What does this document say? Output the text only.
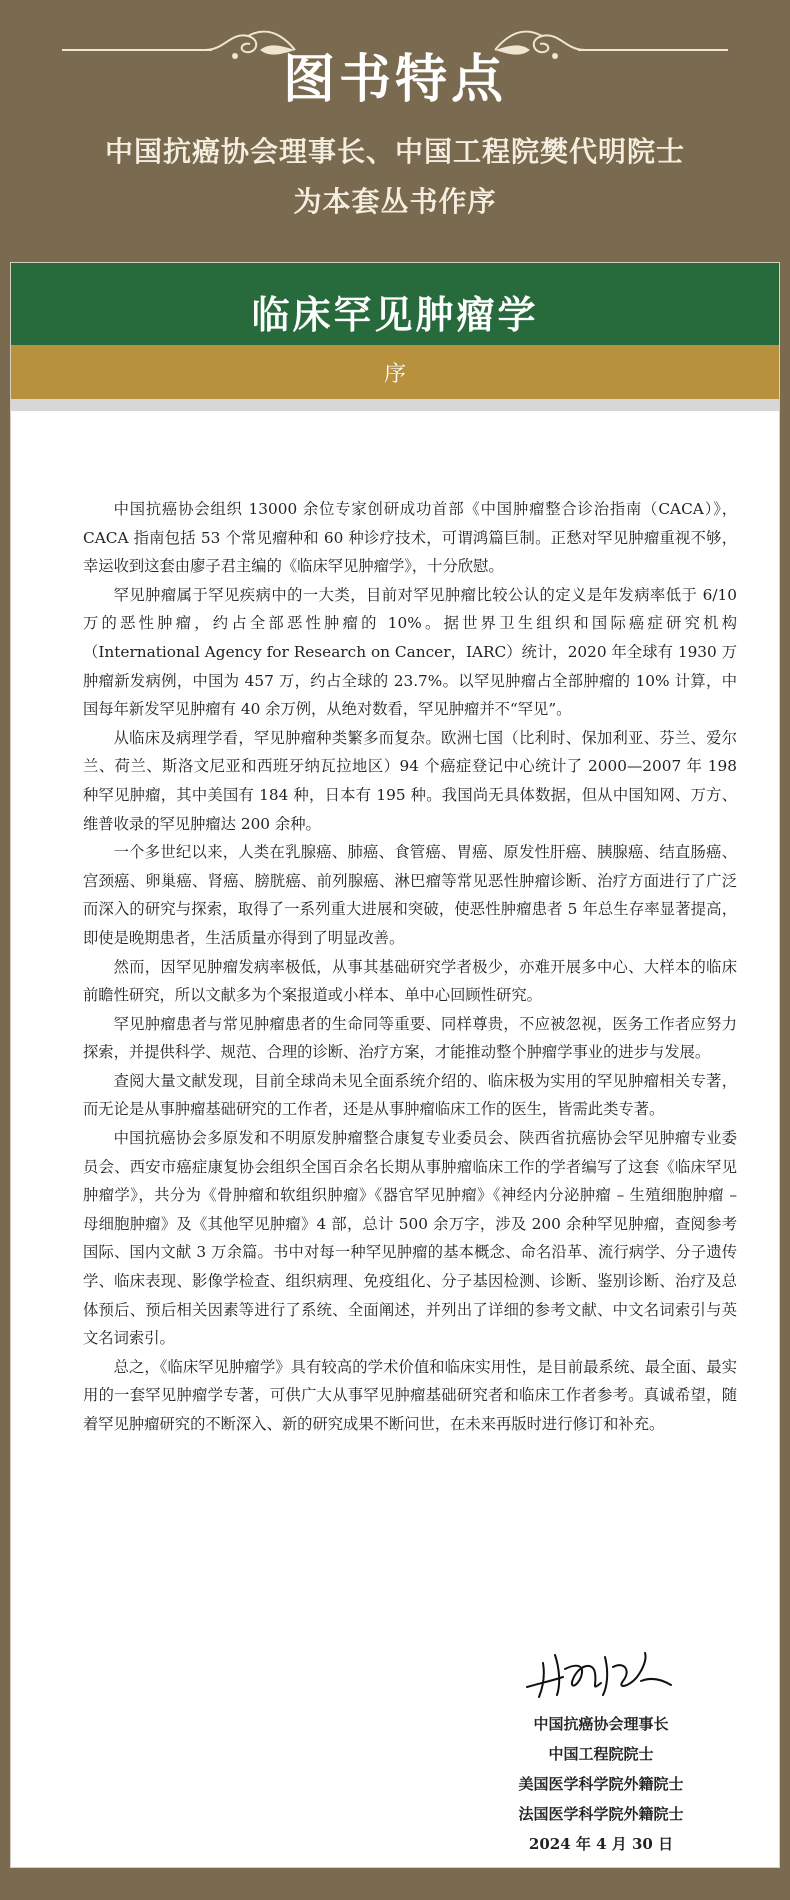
图书特点
中国抗癌协会理事长、中国工程院樊代明院士
为本套丛书作序
临床罕见肿瘤学
序

中国抗癌协会组织 13000 余位专家创研成功首部《中国肿瘤整合诊治指南（CACA）》，CACA 指南包括 53 个常见瘤种和 60 种诊疗技术，可谓鸿篇巨制。正愁对罕见肿瘤重视不够，幸运收到这套由廖子君主编的《临床罕见肿瘤学》，十分欣慰。

罕见肿瘤属于罕见疾病中的一大类，目前对罕见肿瘤比较公认的定义是年发病率低于 6/10 万的恶性肿瘤，约占全部恶性肿瘤的 10%。据世界卫生组织和国际癌症研究机构（International Agency for Research on Cancer，IARC）统计，2020 年全球有 1930 万肿瘤新发病例，中国为 457 万，约占全球的 23.7%。以罕见肿瘤占全部肿瘤的 10% 计算，中国每年新发罕见肿瘤有 40 余万例，从绝对数看，罕见肿瘤并不“罕见”。

从临床及病理学看，罕见肿瘤种类繁多而复杂。欧洲七国（比利时、保加利亚、芬兰、爱尔兰、荷兰、斯洛文尼亚和西班牙纳瓦拉地区）94 个癌症登记中心统计了 2000—2007 年 198 种罕见肿瘤，其中美国有 184 种，日本有 195 种。我国尚无具体数据，但从中国知网、万方、维普收录的罕见肿瘤达 200 余种。

一个多世纪以来，人类在乳腺癌、肺癌、食管癌、胃癌、原发性肝癌、胰腺癌、结直肠癌、宫颈癌、卵巢癌、肾癌、膀胱癌、前列腺癌、淋巴瘤等常见恶性肿瘤诊断、治疗方面进行了广泛而深入的研究与探索，取得了一系列重大进展和突破，使恶性肿瘤患者 5 年总生存率显著提高，即使是晚期患者，生活质量亦得到了明显改善。

然而，因罕见肿瘤发病率极低，从事其基础研究学者极少，亦难开展多中心、大样本的临床前瞻性研究，所以文献多为个案报道或小样本、单中心回顾性研究。

罕见肿瘤患者与常见肿瘤患者的生命同等重要、同样尊贵，不应被忽视，医务工作者应努力探索，并提供科学、规范、合理的诊断、治疗方案，才能推动整个肿瘤学事业的进步与发展。

查阅大量文献发现，目前全球尚未见全面系统介绍的、临床极为实用的罕见肿瘤相关专著，而无论是从事肿瘤基础研究的工作者，还是从事肿瘤临床工作的医生，皆需此类专著。

中国抗癌协会多原发和不明原发肿瘤整合康复专业委员会、陕西省抗癌协会罕见肿瘤专业委员会、西安市癌症康复协会组织全国百余名长期从事肿瘤临床工作的学者编写了这套《临床罕见肿瘤学》，共分为《骨肿瘤和软组织肿瘤》《器官罕见肿瘤》《神经内分泌肿瘤 – 生殖细胞肿瘤 – 母细胞肿瘤》及《其他罕见肿瘤》4 部，总计 500 余万字，涉及 200 余种罕见肿瘤，查阅参考国际、国内文献 3 万余篇。书中对每一种罕见肿瘤的基本概念、命名沿革、流行病学、分子遗传学、临床表现、影像学检查、组织病理、免疫组化、分子基因检测、诊断、鉴别诊断、治疗及总体预后、预后相关因素等进行了系统、全面阐述，并列出了详细的参考文献、中文名词索引与英文名词索引。

总之，《临床罕见肿瘤学》具有较高的学术价值和临床实用性，是目前最系统、最全面、最实用的一套罕见肿瘤学专著，可供广大从事罕见肿瘤基础研究者和临床工作者参考。真诚希望，随着罕见肿瘤研究的不断深入、新的研究成果不断问世，在未来再版时进行修订和补充。

中国抗癌协会理事长
中国工程院院士
美国医学科学院外籍院士
法国医学科学院外籍院士
2024 年 4 月 30 日
